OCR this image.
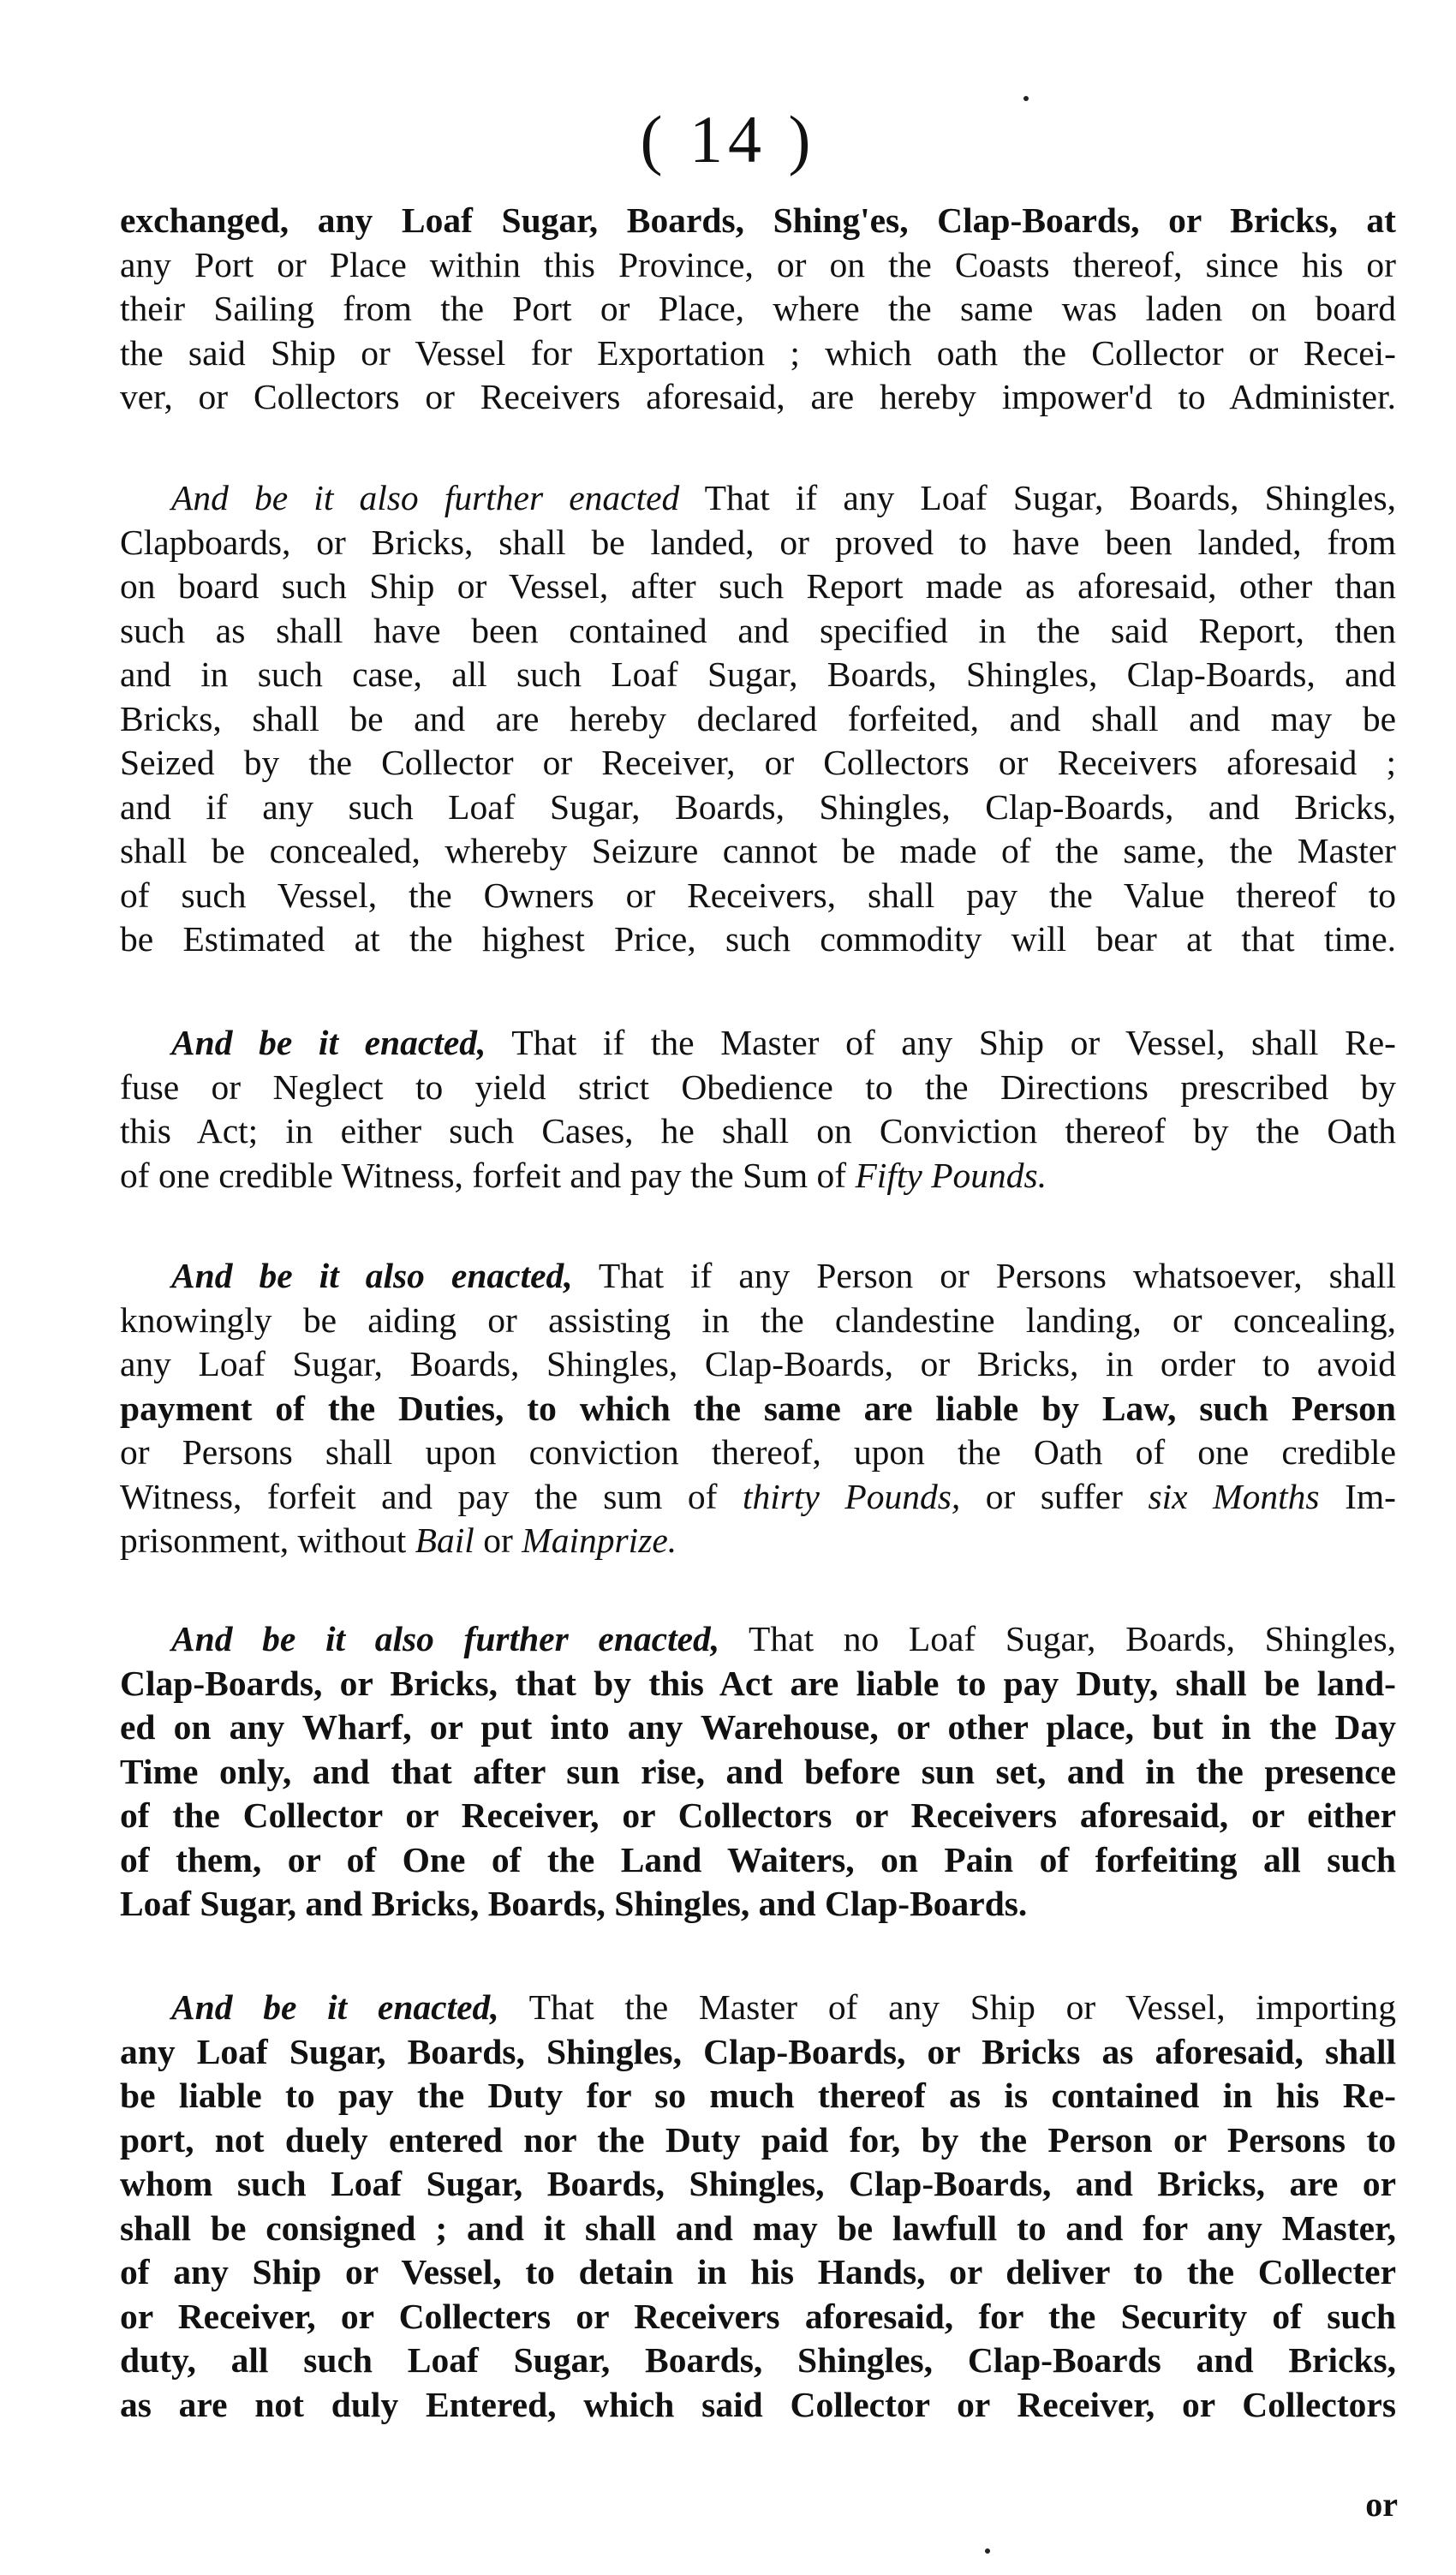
( 14 )
exchanged, any Loaf Sugar, Boards, Shing'es, Clap-Boards, or Bricks, at
any Port or Place within this Province, or on the Coasts thereof, since his or
their Sailing from the Port or Place, where the same was laden on board
the said Ship or Vessel for Exportation ; which oath the Collector or Recei-
ver, or Collectors or Receivers aforesaid, are hereby impower'd to Administer.
And be it also further enacted That if any Loaf Sugar, Boards, Shingles,
Clapboards, or Bricks, shall be landed, or proved to have been landed, from
on board such Ship or Vessel, after such Report made as aforesaid, other than
such as shall have been contained and specified in the said Report, then
and in such case, all such Loaf Sugar, Boards, Shingles, Clap-Boards, and
Bricks, shall be and are hereby declared forfeited, and shall and may be
Seized by the Collector or Receiver, or Collectors or Receivers aforesaid ;
and if any such Loaf Sugar, Boards, Shingles, Clap-Boards, and Bricks,
shall be concealed, whereby Seizure cannot be made of the same, the Master
of such Vessel, the Owners or Receivers, shall pay the Value thereof to
be Estimated at the highest Price, such commodity will bear at that time.
And be it enacted, That if the Master of any Ship or Vessel, shall Re-
fuse or Neglect to yield strict Obedience to the Directions prescribed by
this Act; in either such Cases, he shall on Conviction thereof by the Oath
of one credible Witness, forfeit and pay the Sum of Fifty Pounds.
And be it also enacted, That if any Person or Persons whatsoever, shall
knowingly be aiding or assisting in the clandestine landing, or concealing,
any Loaf Sugar, Boards, Shingles, Clap-Boards, or Bricks, in order to avoid
payment of the Duties, to which the same are liable by Law, such Person
or Persons shall upon conviction thereof, upon the Oath of one credible
Witness, forfeit and pay the sum of thirty Pounds, or suffer six Months Im-
prisonment, without Bail or Mainprize.
And be it also further enacted, That no Loaf Sugar, Boards, Shingles,
Clap-Boards, or Bricks, that by this Act are liable to pay Duty, shall be land-
ed on any Wharf, or put into any Warehouse, or other place, but in the Day
Time only, and that after sun rise, and before sun set, and in the presence
of the Collector or Receiver, or Collectors or Receivers aforesaid, or either
of them, or of One of the Land Waiters, on Pain of forfeiting all such
Loaf Sugar, and Bricks, Boards, Shingles, and Clap-Boards.
And be it enacted, That the Master of any Ship or Vessel, importing
any Loaf Sugar, Boards, Shingles, Clap-Boards, or Bricks as aforesaid, shall
be liable to pay the Duty for so much thereof as is contained in his Re-
port, not duely entered nor the Duty paid for, by the Person or Persons to
whom such Loaf Sugar, Boards, Shingles, Clap-Boards, and Bricks, are or
shall be consigned ; and it shall and may be lawfull to and for any Master,
of any Ship or Vessel, to detain in his Hands, or deliver to the Collecter
or Receiver, or Collecters or Receivers aforesaid, for the Security of such
duty, all such Loaf Sugar, Boards, Shingles, Clap-Boards and Bricks,
as are not duly Entered, which said Collector or Receiver, or Collectors
or
